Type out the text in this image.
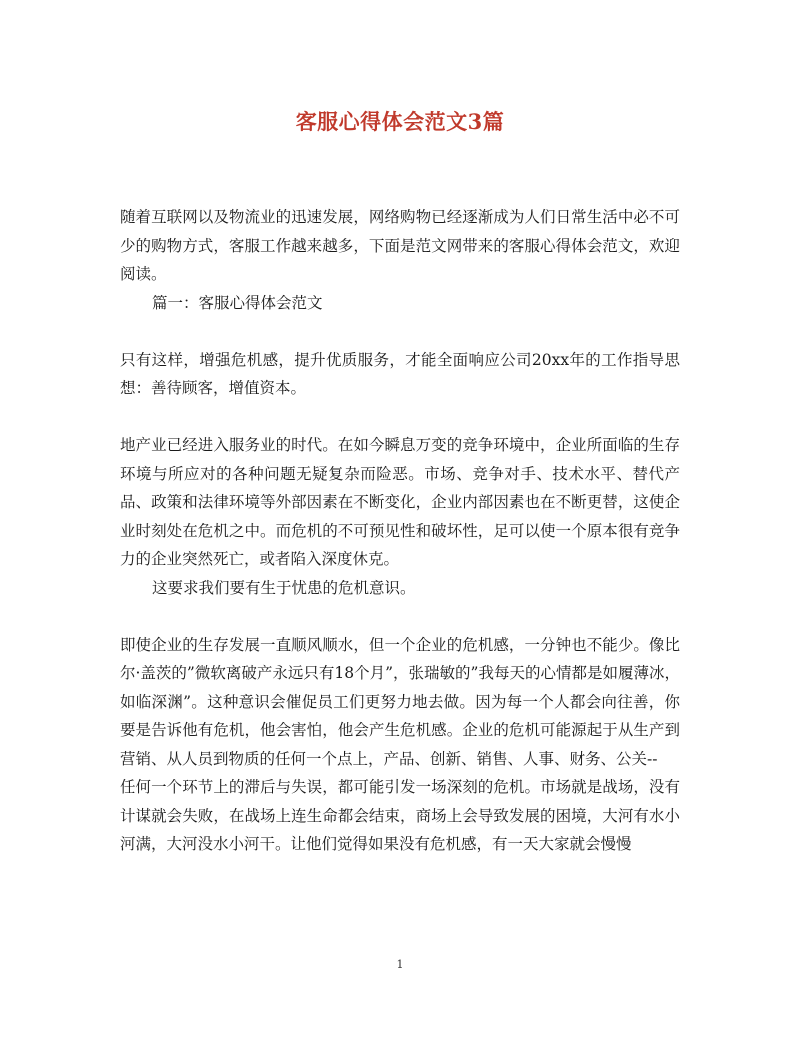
客服心得体会范文3篇

随着互联网以及物流业的迅速发展，网络购物已经逐渐成为人们日常生活中必不可少的购物方式，客服工作越来越多，下面是范文网带来的客服心得体会范文，欢迎阅读。

篇一：客服心得体会范文

只有这样，增强危机感，提升优质服务，才能全面响应公司20xx年的工作指导思想：善待顾客，增值资本。

地产业已经进入服务业的时代。在如今瞬息万变的竞争环境中，企业所面临的生存环境与所应对的各种问题无疑复杂而险恶。市场、竞争对手、技术水平、替代产品、政策和法律环境等外部因素在不断变化，企业内部因素也在不断更替，这使企业时刻处在危机之中。而危机的不可预见性和破坏性，足可以使一个原本很有竞争力的企业突然死亡，或者陷入深度休克。

这要求我们要有生于忧患的危机意识。

即使企业的生存发展一直顺风顺水，但一个企业的危机感，一分钟也不能少。像比尔·盖茨的”微软离破产永远只有18个月”，张瑞敏的”我每天的心情都是如履薄冰，如临深渊”。这种意识会催促员工们更努力地去做。因为每一个人都会向往善，你要是告诉他有危机，他会害怕，他会产生危机感。企业的危机可能源起于从生产到营销、从人员到物质的任何一个点上，产品、创新、销售、人事、财务、公关--

任何一个环节上的滞后与失误，都可能引发一场深刻的危机。市场就是战场，没有计谋就会失败，在战场上连生命都会结束，商场上会导致发展的困境，大河有水小河满，大河没水小河干。让他们觉得如果没有危机感，有一天大家就会慢慢

1
